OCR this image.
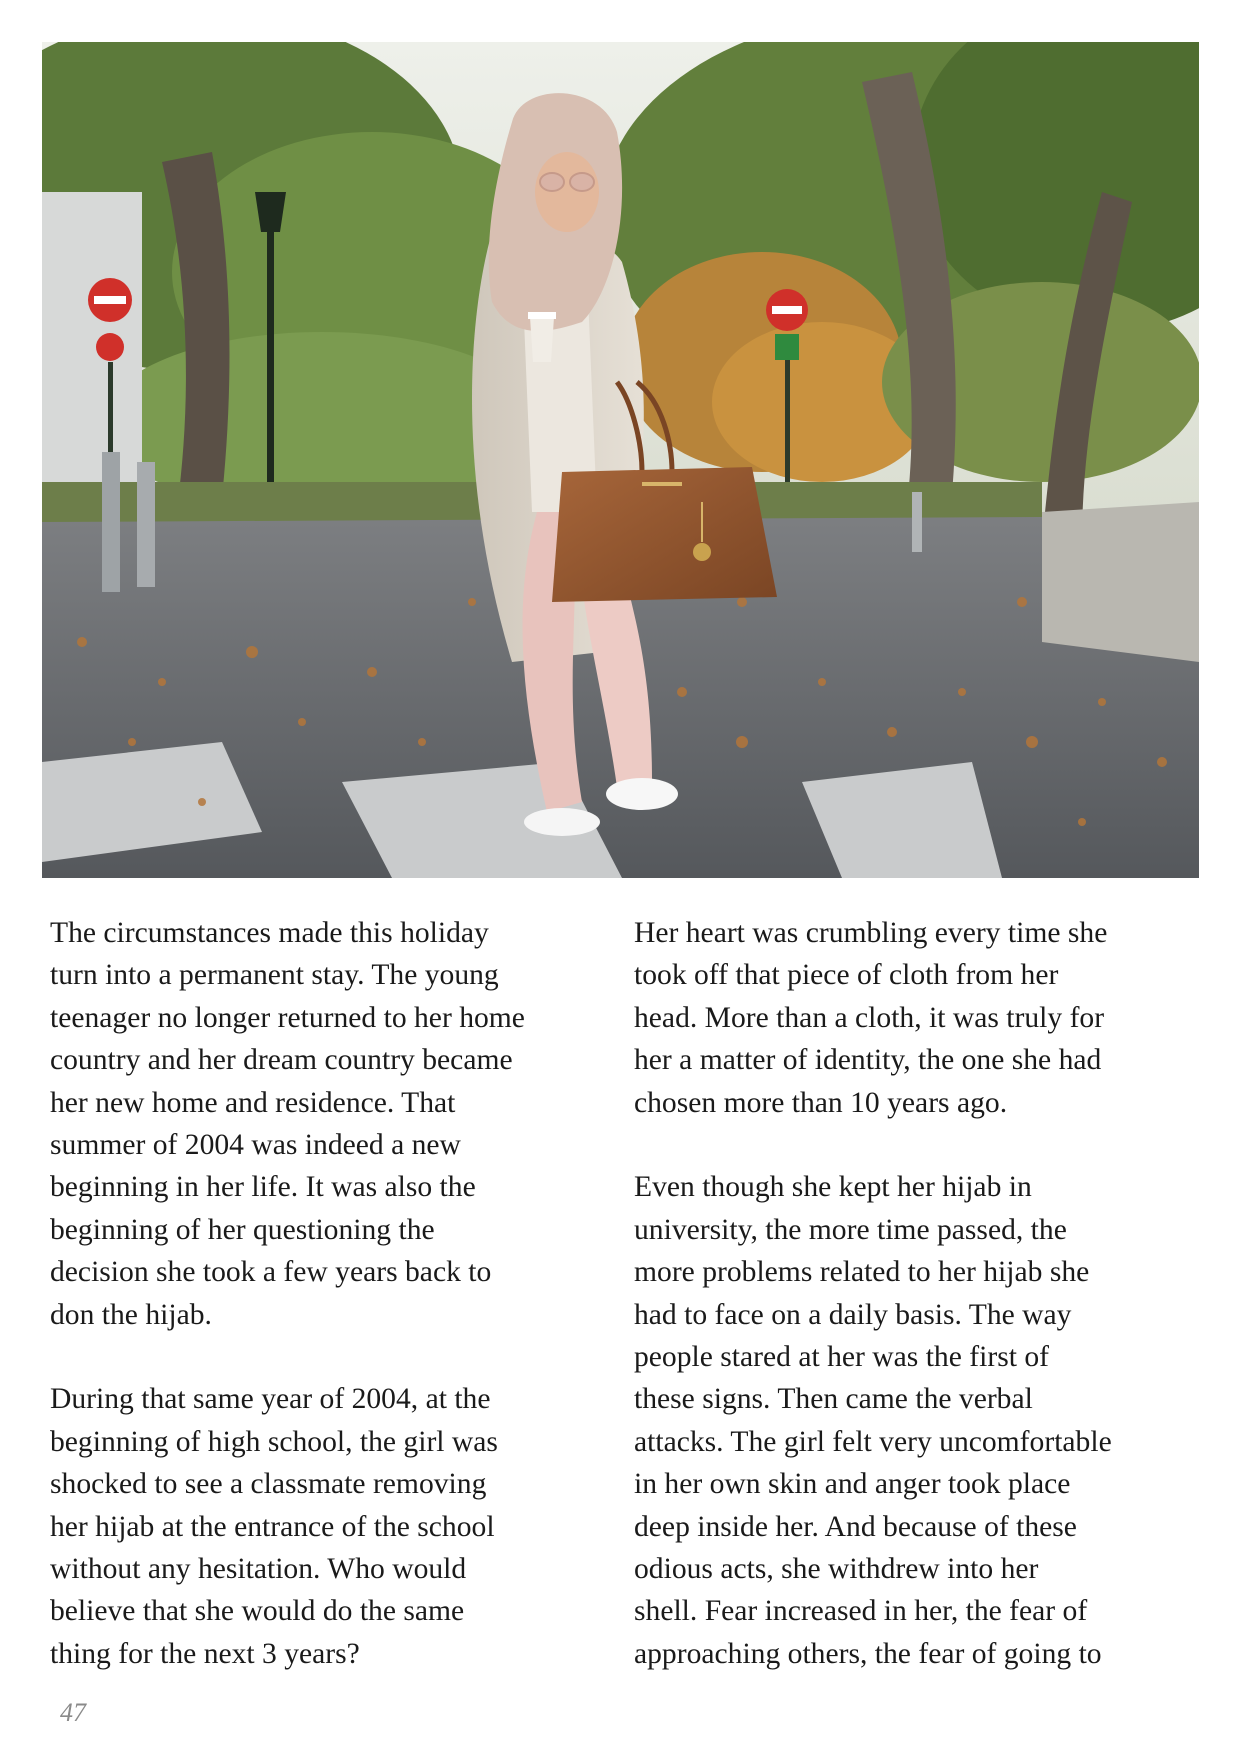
The circumstances made this holiday
turn into a permanent stay. The young
teenager no longer returned to her home
country and her dream country became
her new home and residence. That
summer of 2004 was indeed a new
beginning in her life. It was also the
beginning of her questioning the
decision she took a few years back to
don the hijab.

During that same year of 2004, at the
beginning of high school, the girl was
shocked to see a classmate removing
her hijab at the entrance of the school
without any hesitation. Who would
believe that she would do the same
thing for the next 3 years?

Her heart was crumbling every time she
took off that piece of cloth from her
head. More than a cloth, it was truly for
her a matter of identity, the one she had
chosen more than 10 years ago.

Even though she kept her hijab in
university, the more time passed, the
more problems related to her hijab she
had to face on a daily basis. The way
people stared at her was the first of
these signs. Then came the verbal
attacks. The girl felt very uncomfortable
in her own skin and anger took place
deep inside her. And because of these
odious acts, she withdrew into her
shell. Fear increased in her, the fear of
approaching others, the fear of going to

47
